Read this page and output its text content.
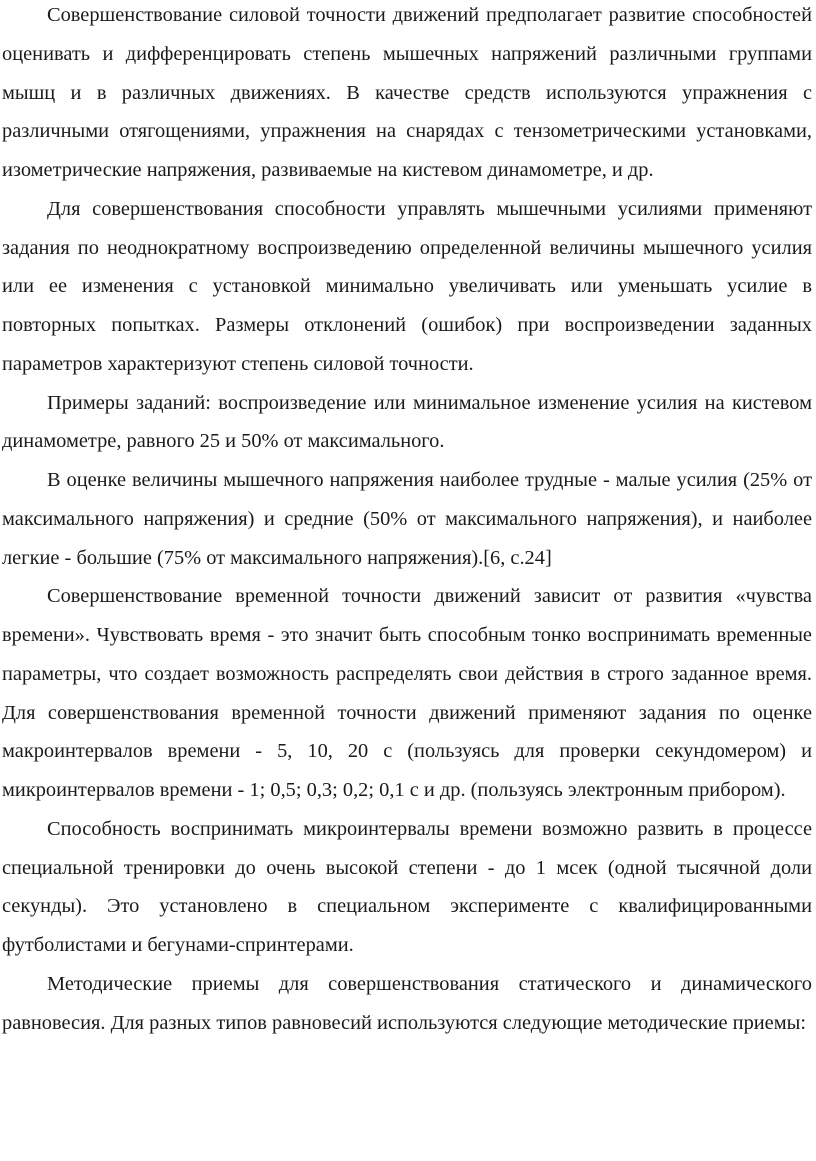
Совершенствование силовой точности движений предполагает развитие способностей оценивать и дифференцировать степень мышечных напряжений различными группами мышц и в различных движениях. В качестве средств используются упражнения с различными отягощениями, упражнения на снарядах с тензометрическими установками, изометрические напряжения, развиваемые на кистевом динамометре, и др.

Для совершенствования способности управлять мышечными усилиями применяют задания по неоднократному воспроизведению определенной величины мышечного усилия или ее изменения с установкой минимально увеличивать или уменьшать усилие в повторных попытках. Размеры отклонений (ошибок) при воспроизведении заданных параметров характеризуют степень силовой точности.

Примеры заданий: воспроизведение или минимальное изменение усилия на кистевом динамометре, равного 25 и 50% от максимального.

В оценке величины мышечного напряжения наиболее трудные - малые усилия (25% от максимального напряжения) и средние (50% от максимального напряжения), и наиболее легкие - большие (75% от максимального напряжения).[6, с.24]

Совершенствование временной точности движений зависит от развития «чувства времени». Чувствовать время - это значит быть способным тонко воспринимать временные параметры, что создает возможность распределять свои действия в строго заданное время. Для совершенствования временной точности движений применяют задания по оценке макроинтервалов времени - 5, 10, 20 с (пользуясь для проверки секундомером) и микроинтервалов времени - 1; 0,5; 0,3; 0,2; 0,1 с и др. (пользуясь электронным прибором).

Способность воспринимать микроинтервалы времени возможно развить в процессе специальной тренировки до очень высокой степени - до 1 мсек (одной тысячной доли секунды). Это установлено в специальном эксперименте с квалифицированными футболистами и бегунами-спринтерами.

Методические приемы для совершенствования статического и динамического равновесия. Для разных типов равновесий используются следующие методические приемы:
